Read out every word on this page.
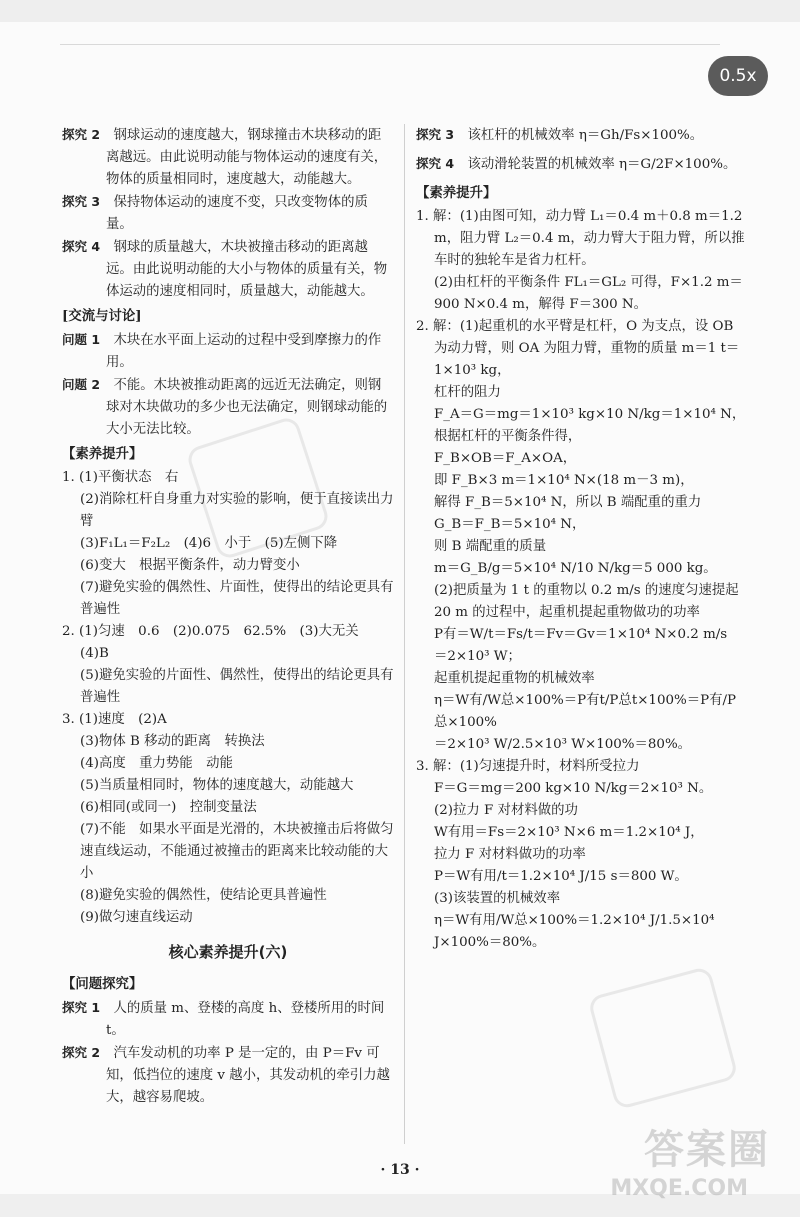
0.5x

探究 2　 钢球运动的速度越大，钢球撞击木块移动的距离越远。由此说明动能与物体运动的速度有关，物体的质量相同时，速度越大，动能越大。

探究 3　 保持物体运动的速度不变，只改变物体的质量。

探究 4　 钢球的质量越大，木块被撞击移动的距离越远。由此说明动能的大小与物体的质量有关，物体运动的速度相同时，质量越大，动能越大。

[交流与讨论]

问题 1　 木块在水平面上运动的过程中受到摩擦力的作用。

问题 2　 不能。木块被推动距离的远近无法确定，则钢球对木块做功的多少也无法确定，则钢球动能的大小无法比较。

【素养提升】

1. (1)平衡状态　右

(2)消除杠杆自身重力对实验的影响，便于直接读出力臂

(3)F₁L₁＝F₂L₂　(4)6　小于　(5)左侧下降

(6)变大　根据平衡条件，动力臂变小

(7)避免实验的偶然性、片面性，使得出的结论更具有普遍性

2. (1)匀速　0.6　(2)0.075　62.5%　(3)大无关

(4)B

(5)避免实验的片面性、偶然性，使得出的结论更具有普遍性

3. (1)速度　(2)A

(3)物体 B 移动的距离　转换法

(4)高度　重力势能　动能

(5)当质量相同时，物体的速度越大，动能越大

(6)相同(或同一)　控制变量法

(7)不能　如果水平面是光滑的，木块被撞击后将做匀速直线运动，不能通过被撞击的距离来比较动能的大小

(8)避免实验的偶然性，使结论更具普遍性

(9)做匀速直线运动

核心素养提升(六)

【问题探究】

探究 1　 人的质量 m、登楼的高度 h、登楼所用的时间 t。

探究 2　 汽车发动机的功率 P 是一定的，由 P＝Fv 可知，低挡位的速度 v 越小，其发动机的牵引力越大，越容易爬坡。

探究 3　 该杠杆的机械效率 η＝Gh/Fs×100%。

探究 4　 该动滑轮装置的机械效率 η＝G/2F×100%。

【素养提升】

1. 解：(1)由图可知，动力臂 L₁＝0.4 m＋0.8 m＝1.2 m，阻力臂 L₂＝0.4 m，动力臂大于阻力臂，所以推车时的独轮车是省力杠杆。

(2)由杠杆的平衡条件 FL₁＝GL₂ 可得，F×1.2 m＝900 N×0.4 m，解得 F＝300 N。

2. 解：(1)起重机的水平臂是杠杆，O 为支点，设 OB 为动力臂，则 OA 为阻力臂，重物的质量 m＝1 t＝1×10³ kg，

杠杆的阻力

F_A＝G＝mg＝1×10³ kg×10 N/kg＝1×10⁴ N，

根据杠杆的平衡条件得，

F_B×OB＝F_A×OA，

即 F_B×3 m＝1×10⁴ N×(18 m－3 m)，

解得 F_B＝5×10⁴ N，所以 B 端配重的重力

G_B＝F_B＝5×10⁴ N，

则 B 端配重的质量

m＝G_B/g＝5×10⁴ N/10 N/kg＝5 000 kg。

(2)把质量为 1 t 的重物以 0.2 m/s 的速度匀速提起 20 m 的过程中，起重机提起重物做功的功率

P有＝W/t＝Fs/t＝Fv＝Gv＝1×10⁴ N×0.2 m/s

＝2×10³ W；

起重机提起重物的机械效率

η＝W有/W总×100%＝P有t/P总t×100%＝P有/P总×100%

＝2×10³ W/2.5×10³ W×100%＝80%。

3. 解：(1)匀速提升时，材料所受拉力

F＝G＝mg＝200 kg×10 N/kg＝2×10³ N。

(2)拉力 F 对材料做的功

W有用＝Fs＝2×10³ N×6 m＝1.2×10⁴ J，

拉力 F 对材料做功的功率

P＝W有用/t＝1.2×10⁴ J/15 s＝800 W。

(3)该装置的机械效率

η＝W有用/W总×100%＝1.2×10⁴ J/1.5×10⁴ J×100%＝80%。

· 13 ·	答案圈
MXQE.COM
